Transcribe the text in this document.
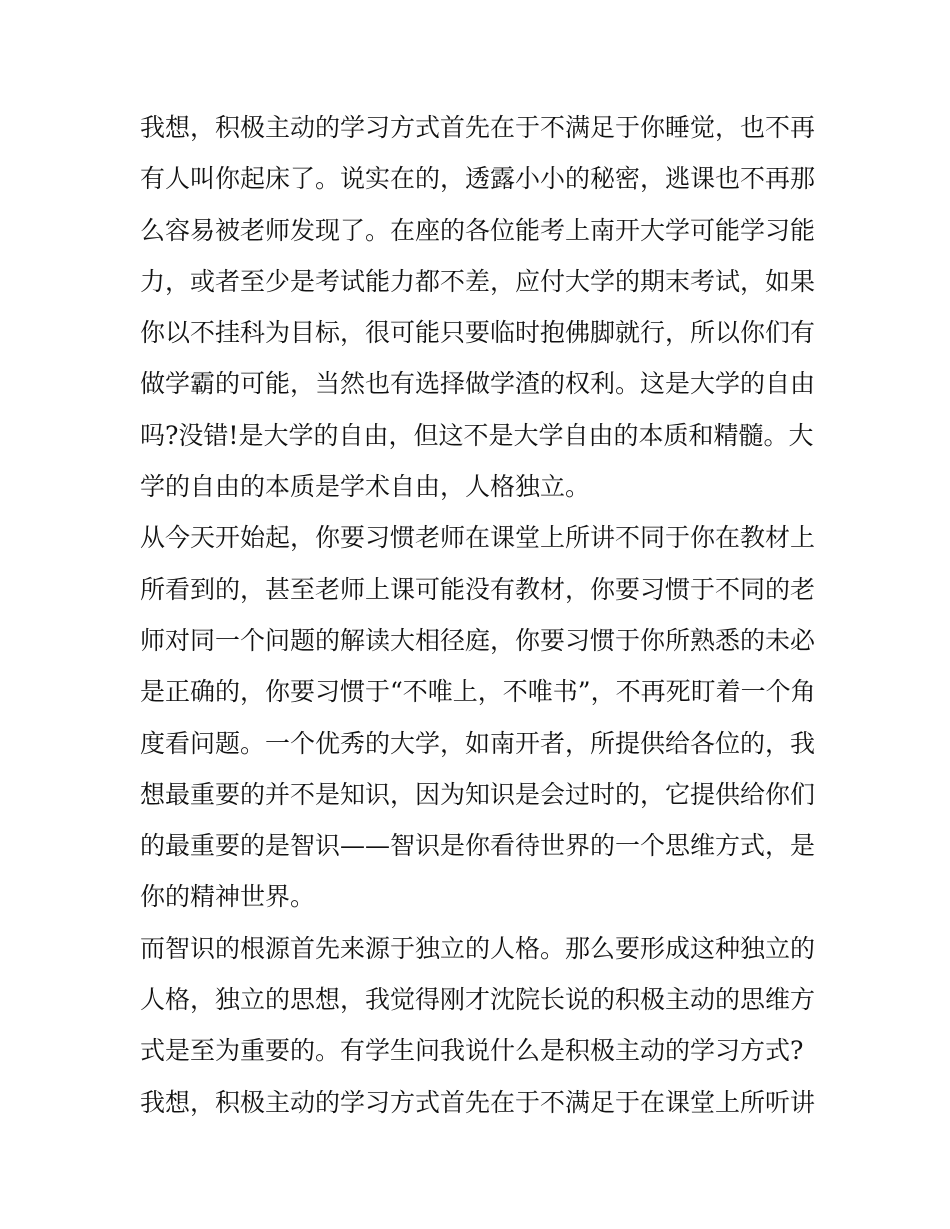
我想，积极主动的学习方式首先在于不满足于你睡觉，也不再
有人叫你起床了。说实在的，透露小小的秘密，逃课也不再那
么容易被老师发现了。在座的各位能考上南开大学可能学习能
力，或者至少是考试能力都不差，应付大学的期末考试，如果
你以不挂科为目标，很可能只要临时抱佛脚就行，所以你们有
做学霸的可能，当然也有选择做学渣的权利。这是大学的自由
吗?没错!是大学的自由，但这不是大学自由的本质和精髓。大
学的自由的本质是学术自由，人格独立。
从今天开始起，你要习惯老师在课堂上所讲不同于你在教材上
所看到的，甚至老师上课可能没有教材，你要习惯于不同的老
师对同一个问题的解读大相径庭，你要习惯于你所熟悉的未必
是正确的，你要习惯于“不唯上，不唯书”，不再死盯着一个角
度看问题。一个优秀的大学，如南开者，所提供给各位的，我
想最重要的并不是知识，因为知识是会过时的，它提供给你们
的最重要的是智识——智识是你看待世界的一个思维方式，是
你的精神世界。
而智识的根源首先来源于独立的人格。那么要形成这种独立的
人格，独立的思想，我觉得刚才沈院长说的积极主动的思维方
式是至为重要的。有学生问我说什么是积极主动的学习方式?
我想，积极主动的学习方式首先在于不满足于在课堂上所听讲
